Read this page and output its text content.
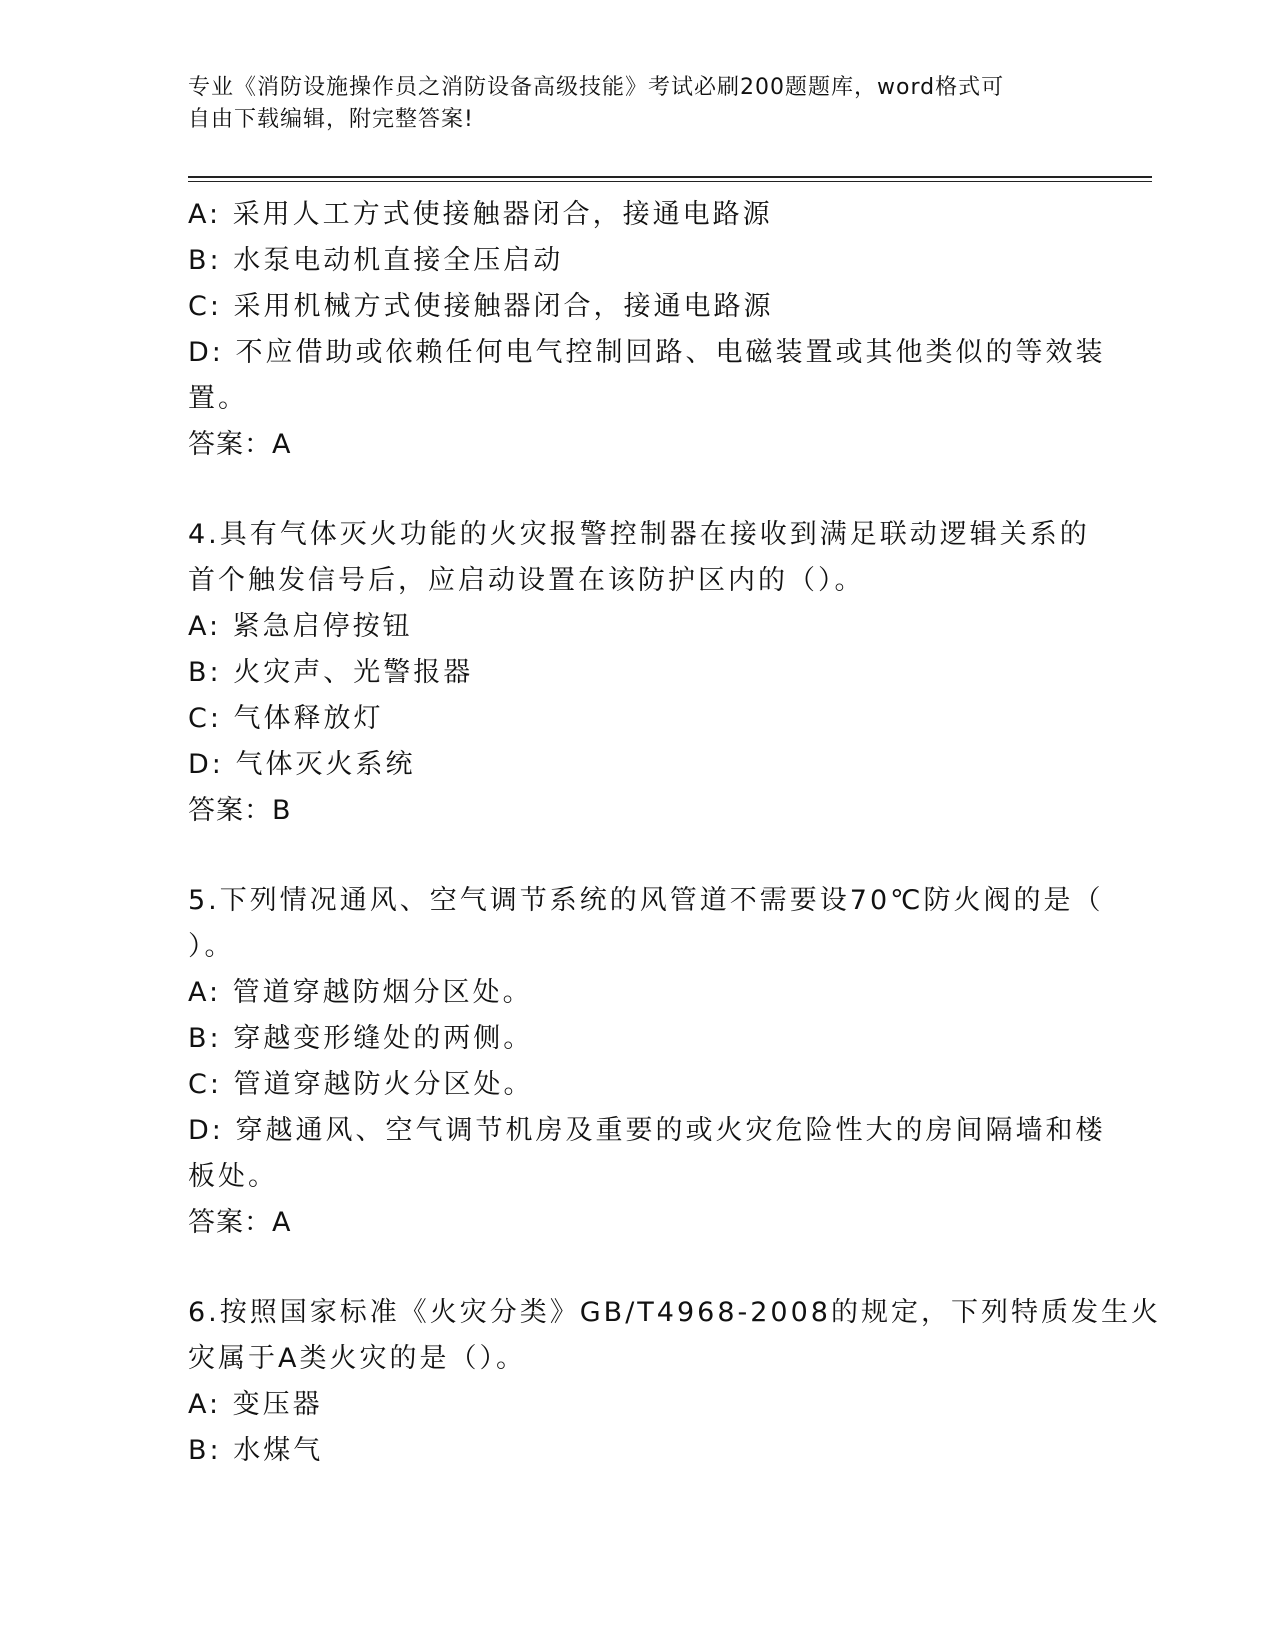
专业《消防设施操作员之消防设备高级技能》考试必刷200题题库，word格式可
自由下载编辑，附完整答案!
A: 采用人工方式使接触器闭合，接通电路源
B: 水泵电动机直接全压启动
C: 采用机械方式使接触器闭合，接通电路源
D: 不应借助或依赖任何电气控制回路、电磁装置或其他类似的等效装
置。
答案：A
4.具有气体灭火功能的火灾报警控制器在接收到满足联动逻辑关系的
首个触发信号后，应启动设置在该防护区内的（）。
A: 紧急启停按钮
B: 火灾声、光警报器
C: 气体释放灯
D: 气体灭火系统
答案：B
5.下列情况通风、空气调节系统的风管道不需要设70℃防火阀的是（
）。
A: 管道穿越防烟分区处。
B: 穿越变形缝处的两侧。
C: 管道穿越防火分区处。
D: 穿越通风、空气调节机房及重要的或火灾危险性大的房间隔墙和楼
板处。
答案：A
6.按照国家标准《火灾分类》GB/T4968-2008的规定，下列特质发生火
灾属于A类火灾的是（）。
A: 变压器
B: 水煤气
